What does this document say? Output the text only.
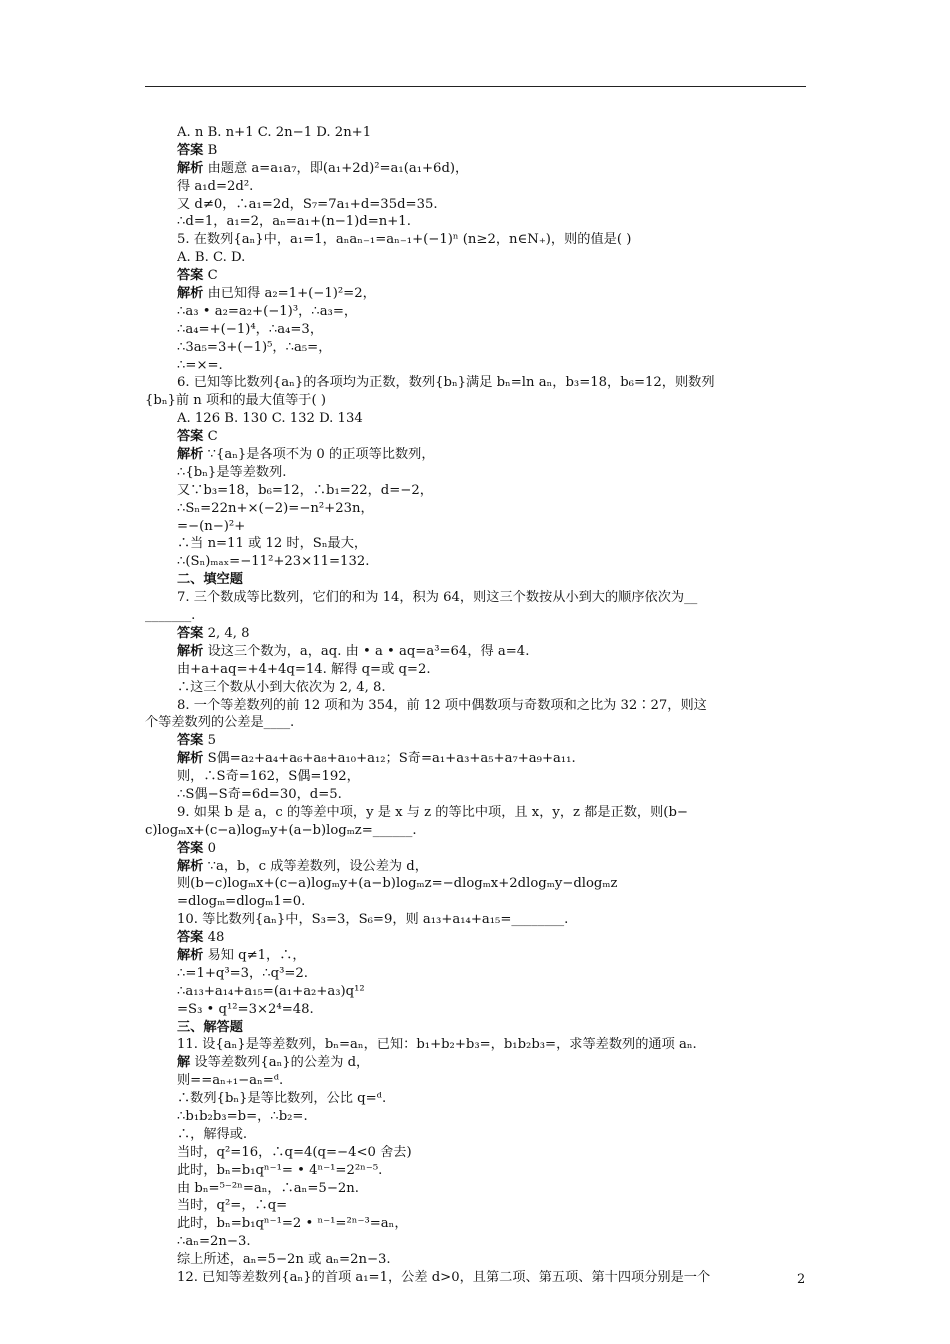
A. n B. n+1 C. 2n−1 D. 2n+1
答案 B
解析 由题意 a=a₁a₇，即(a₁+2d)²=a₁(a₁+6d)，
得 a₁d=2d².
又 d≠0，∴a₁=2d，S₇=7a₁+d=35d=35.
∴d=1，a₁=2，aₙ=a₁+(n−1)d=n+1.
5. 在数列{aₙ}中，a₁=1，aₙaₙ₋₁=aₙ₋₁+(−1)ⁿ (n≥2，n∈N₊)，则的值是( )
A. B. C. D.
答案 C
解析 由已知得 a₂=1+(−1)²=2，
∴a₃ • a₂=a₂+(−1)³，∴a₃=，
∴a₄=+(−1)⁴，∴a₄=3，
∴3a₅=3+(−1)⁵，∴a₅=，
∴=×=.
6. 已知等比数列{aₙ}的各项均为正数，数列{bₙ}满足 bₙ=ln aₙ，b₃=18，b₆=12，则数列
{bₙ}前 n 项和的最大值等于( )
A. 126 B. 130 C. 132 D. 134
答案 C
解析 ∵{aₙ}是各项不为 0 的正项等比数列，
∴{bₙ}是等差数列.
又∵b₃=18，b₆=12，∴b₁=22，d=−2，
∴Sₙ=22n+×(−2)=−n²+23n，
=−(n−)²+
∴当 n=11 或 12 时，Sₙ最大，
∴(Sₙ)ₘₐₓ=−11²+23×11=132.
二、填空题
7. 三个数成等比数列，它们的和为 14，积为 64，则这三个数按从小到大的顺序依次为__
_______.
答案 2, 4, 8
解析 设这三个数为，a，aq. 由 • a • aq=a³=64，得 a=4.
由+a+aq=+4+4q=14. 解得 q=或 q=2.
∴这三个数从小到大依次为 2, 4, 8.
8. 一个等差数列的前 12 项和为 354，前 12 项中偶数项与奇数项和之比为 32∶27，则这
个等差数列的公差是____.
答案 5
解析 S偶=a₂+a₄+a₆+a₈+a₁₀+a₁₂；S奇=a₁+a₃+a₅+a₇+a₉+a₁₁.
则，∴S奇=162，S偶=192，
∴S偶−S奇=6d=30，d=5.
9. 如果 b 是 a，c 的等差中项，y 是 x 与 z 的等比中项，且 x，y，z 都是正数，则(b−
c)logₘx+(c−a)logₘy+(a−b)logₘz=______.
答案 0
解析 ∵a，b，c 成等差数列，设公差为 d，
则(b−c)logₘx+(c−a)logₘy+(a−b)logₘz=−dlogₘx+2dlogₘy−dlogₘz
=dlogₘ=dlogₘ1=0.
10. 等比数列{aₙ}中，S₃=3，S₆=9，则 a₁₃+a₁₄+a₁₅=________.
答案 48
解析 易知 q≠1，∴，
∴=1+q³=3，∴q³=2.
∴a₁₃+a₁₄+a₁₅=(a₁+a₂+a₃)q¹²
=S₃ • q¹²=3×2⁴=48.
三、解答题
11. 设{aₙ}是等差数列，bₙ=aₙ，已知：b₁+b₂+b₃=，b₁b₂b₃=，求等差数列的通项 aₙ.
解 设等差数列{aₙ}的公差为 d，
则==aₙ₊₁−aₙ=ᵈ.
∴数列{bₙ}是等比数列，公比 q=ᵈ.
∴b₁b₂b₃=b=，∴b₂=.
∴，解得或.
当时，q²=16，∴q=4(q=−4<0 舍去)
此时，bₙ=b₁qⁿ⁻¹= • 4ⁿ⁻¹=2²ⁿ⁻⁵.
由 bₙ=⁵⁻²ⁿ=aₙ，∴aₙ=5−2n.
当时，q²=，∴q=
此时，bₙ=b₁qⁿ⁻¹=2 • ⁿ⁻¹=²ⁿ⁻³=aₙ，
∴aₙ=2n−3.
综上所述，aₙ=5−2n 或 aₙ=2n−3.
12. 已知等差数列{aₙ}的首项 a₁=1，公差 d>0，且第二项、第五项、第十四项分别是一个	2
